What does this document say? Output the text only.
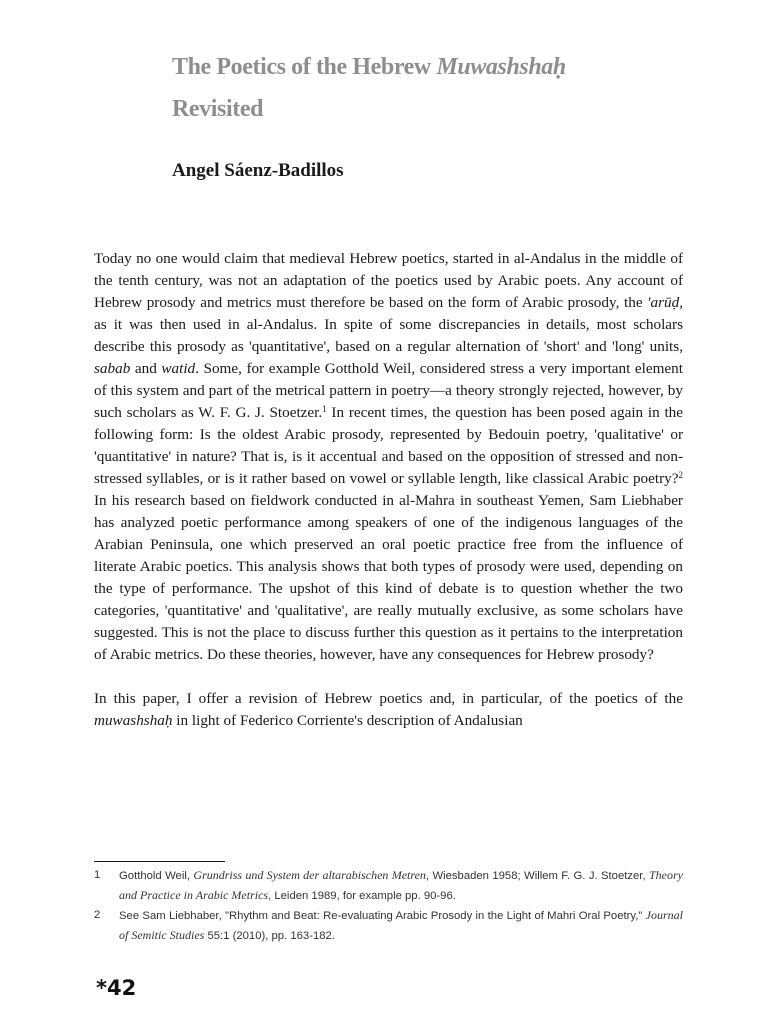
The Poetics of the Hebrew Muwashshaḥ
Revisited

Angel Sáenz-Badillos

Today no one would claim that medieval Hebrew poetics, started in al-Andalus in the middle of the tenth century, was not an adaptation of the poetics used by Arabic poets. Any account of Hebrew prosody and metrics must therefore be based on the form of Arabic prosody, the 'arūḍ, as it was then used in al-Andalus. In spite of some discrepancies in details, most scholars describe this prosody as 'quantitative', based on a regular alternation of 'short' and 'long' units, sabab and watid. Some, for example Gotthold Weil, considered stress a very important element of this system and part of the metrical pattern in poetry—a theory strongly rejected, however, by such scholars as W. F. G. J. Stoetzer.$^1$ In recent times, the question has been posed again in the following form: Is the oldest Arabic prosody, represented by Bedouin poetry, 'qualitative' or 'quantitative' in nature? That is, is it accentual and based on the opposition of stressed and non-stressed syllables, or is it rather based on vowel or syllable length, like classical Arabic poetry?$^2$ In his research based on fieldwork conducted in al-Mahra in southeast Yemen, Sam Liebhaber has analyzed poetic performance among speakers of one of the indigenous languages of the Arabian Peninsula, one which preserved an oral poetic practice free from the influence of literate Arabic poetics. This analysis shows that both types of prosody were used, depending on the type of performance. The upshot of this kind of debate is to question whether the two categories, 'quantitative' and 'qualitative', are really mutually exclusive, as some scholars have suggested. This is not the place to discuss further this question as it pertains to the interpretation of Arabic metrics. Do these theories, however, have any consequences for Hebrew prosody?

In this paper, I offer a revision of Hebrew poetics and, in particular, of the poetics of the muwashshaḥ in light of Federico Corriente's description of Andalusian

1	Gotthold Weil, Grundriss und System der altarabischen Metren, Wiesbaden 1958; Willem F. G. J. Stoetzer, Theory and Practice in Arabic Metrics, Leiden 1989, for example pp. 90-96.
2	See Sam Liebhaber, "Rhythm and Beat: Re-evaluating Arabic Prosody in the Light of Mahri Oral Poetry," Journal of Semitic Studies 55:1 (2010), pp. 163-182.
*42
